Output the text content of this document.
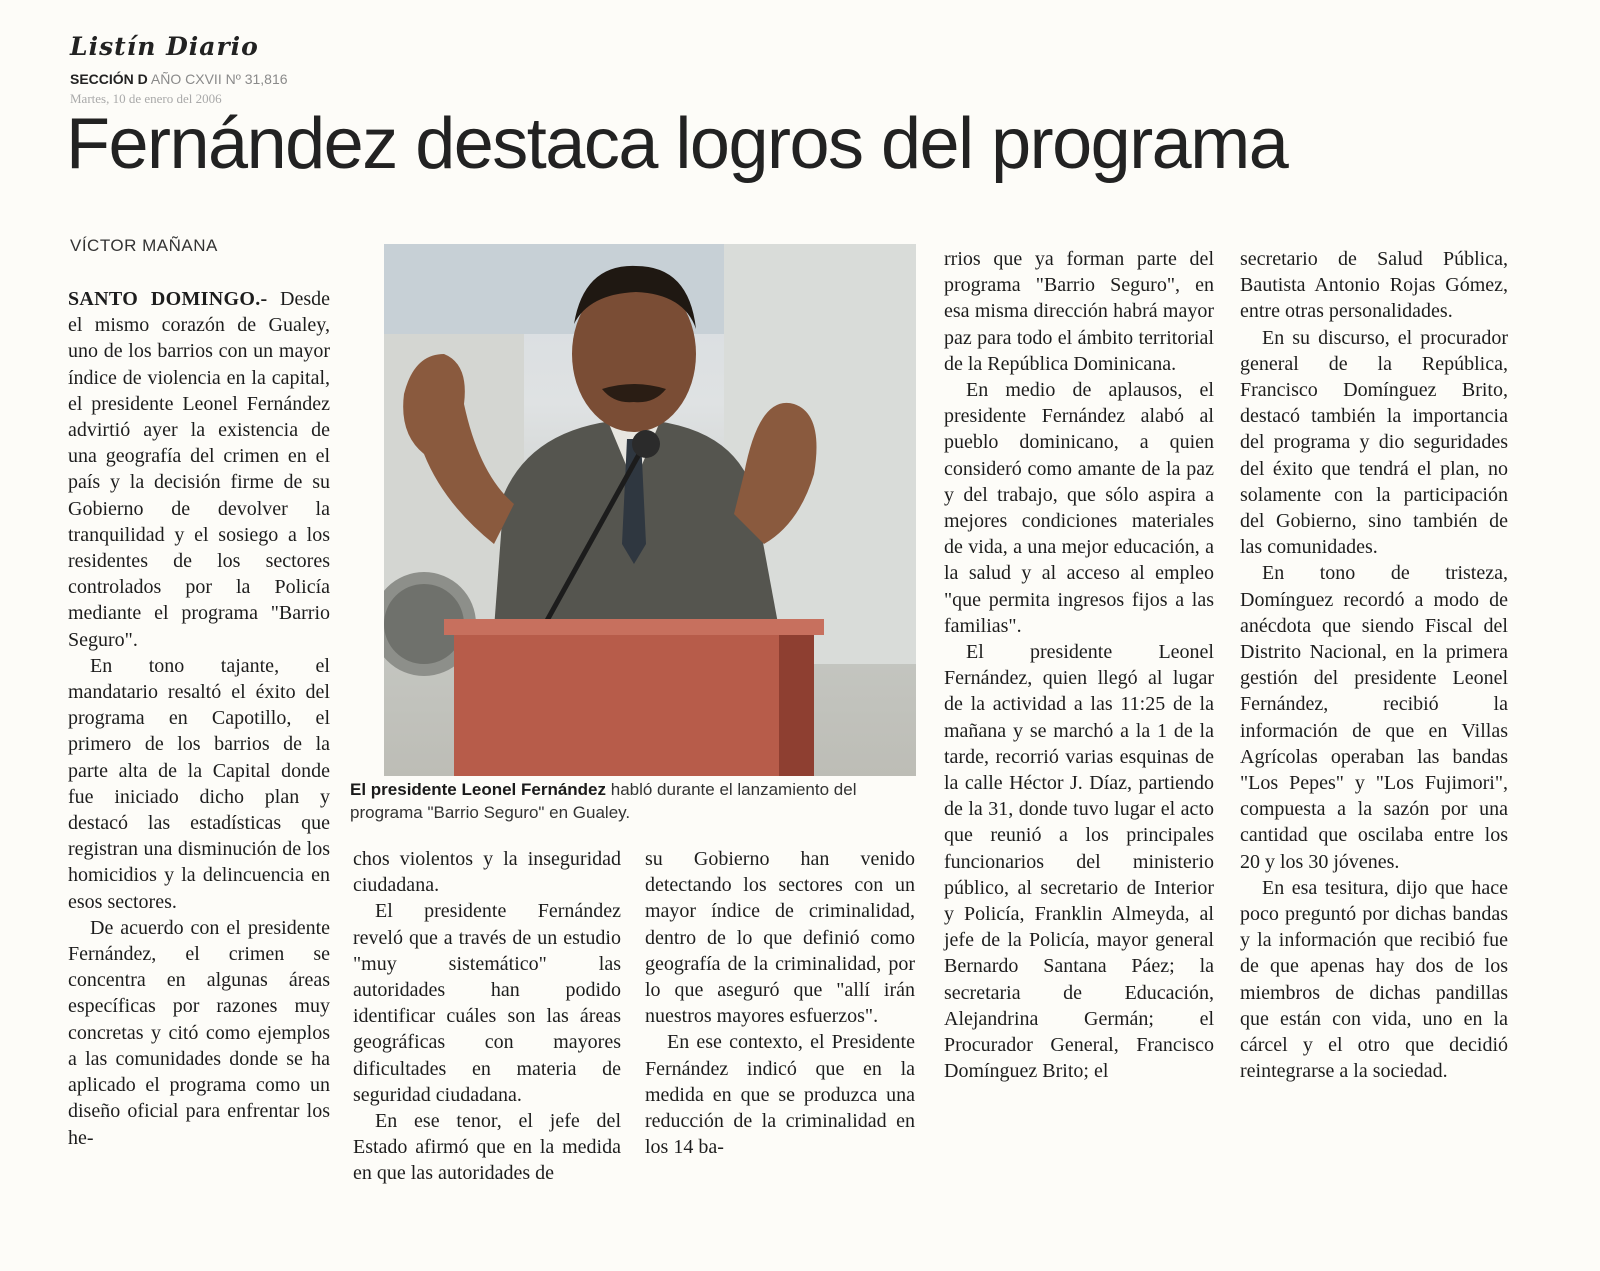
Listín Diario
SECCIÓN D AÑO CXVII Nº 31,816
Martes, 10 de enero del 2006
Fernández destaca logros del programa
VÍCTOR MAÑANA

SANTO DOMINGO.- Desde el mismo corazón de Gualey, uno de los barrios con un mayor índice de violencia en la capital, el presidente Leonel Fernández advirtió ayer la existencia de una geografía del crimen en el país y la decisión firme de su Gobierno de devolver la tranquilidad y el sosiego a los residentes de los sectores controlados por la Policía mediante el programa "Barrio Seguro".

En tono tajante, el mandatario resaltó el éxito del programa en Capotillo, el primero de los barrios de la parte alta de la Capital donde fue iniciado dicho plan y destacó las estadísticas que registran una disminución de los homicidios y la delincuencia en esos sectores.

De acuerdo con el presidente Fernández, el crimen se concentra en algunas áreas específicas por razones muy concretas y citó como ejemplos a las comunidades donde se ha aplicado el programa como un diseño oficial para enfrentar los he-

El presidente Leonel Fernández habló durante el lanzamiento del programa "Barrio Seguro" en Gualey.

chos violentos y la inseguridad ciudadana.

El presidente Fernández reveló que a través de un estudio "muy sistemático" las autoridades han podido identificar cuáles son las áreas geográficas con mayores dificultades en materia de seguridad ciudadana.

En ese tenor, el jefe del Estado afirmó que en la medida en que las autoridades de

su Gobierno han venido detectando los sectores con un mayor índice de criminalidad, dentro de lo que definió como geografía de la criminalidad, por lo que aseguró que "allí irán nuestros mayores esfuerzos".

En ese contexto, el Presidente Fernández indicó que en la medida en que se produzca una reducción de la criminalidad en los 14 ba-

rrios que ya forman parte del programa "Barrio Seguro", en esa misma dirección habrá mayor paz para todo el ámbito territorial de la República Dominicana.

En medio de aplausos, el presidente Fernández alabó al pueblo dominicano, a quien consideró como amante de la paz y del trabajo, que sólo aspira a mejores condiciones materiales de vida, a una mejor educación, a la salud y al acceso al empleo "que permita ingresos fijos a las familias".

El presidente Leonel Fernández, quien llegó al lugar de la actividad a las 11:25 de la mañana y se marchó a la 1 de la tarde, recorrió varias esquinas de la calle Héctor J. Díaz, partiendo de la 31, donde tuvo lugar el acto que reunió a los principales funcionarios del ministerio público, al secretario de Interior y Policía, Franklin Almeyda, al jefe de la Policía, mayor general Bernardo Santana Páez; la secretaria de Educación, Alejandrina Germán; el Procurador General, Francisco Domínguez Brito; el

secretario de Salud Pública, Bautista Antonio Rojas Gómez, entre otras personalidades.

En su discurso, el procurador general de la República, Francisco Domínguez Brito, destacó también la importancia del programa y dio seguridades del éxito que tendrá el plan, no solamente con la participación del Gobierno, sino también de las comunidades.

En tono de tristeza, Domínguez recordó a modo de anécdota que siendo Fiscal del Distrito Nacional, en la primera gestión del presidente Leonel Fernández, recibió la información de que en Villas Agrícolas operaban las bandas "Los Pepes" y "Los Fujimori", compuesta a la sazón por una cantidad que oscilaba entre los 20 y los 30 jóvenes.

En esa tesitura, dijo que hace poco preguntó por dichas bandas y la información que recibió fue de que apenas hay dos de los miembros de dichas pandillas que están con vida, uno en la cárcel y el otro que decidió reintegrarse a la sociedad.
